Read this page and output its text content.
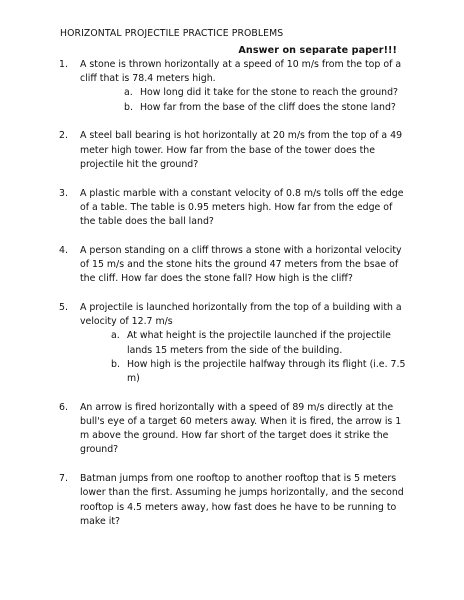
HORIZONTAL PROJECTILE PRACTICE PROBLEMS
Answer on separate paper!!!
1. A stone is thrown horizontally at a speed of 10 m/s from the top of a cliff that is 78.4 meters high.
a. How long did it take for the stone to reach the ground?
b. How far from the base of the cliff does the stone land?
2. A steel ball bearing is hot horizontally at 20 m/s from the top of a 49 meter high tower. How far from the base of the tower does the projectile hit the ground?
3. A plastic marble with a constant velocity of 0.8 m/s tolls off the edge of a table. The table is 0.95 meters high. How far from the edge of the table does the ball land?
4. A person standing on a cliff throws a stone with a horizontal velocity of 15 m/s and the stone hits the ground 47 meters from the bsae of the cliff. How far does the stone fall? How high is the cliff?
5. A projectile is launched horizontally from the top of a building with a velocity of 12.7 m/s
a. At what height is the projectile launched if the projectile lands 15 meters from the side of the building.
b. How high is the projectile halfway through its flight (i.e. 7.5 m)
6. An arrow is fired horizontally with a speed of 89 m/s directly at the bull's eye of a target 60 meters away. When it is fired, the arrow is 1 m above the ground. How far short of the target does it strike the ground?
7. Batman jumps from one rooftop to another rooftop that is 5 meters lower than the first. Assuming he jumps horizontally, and the second rooftop is 4.5 meters away, how fast does he have to be running to make it?
